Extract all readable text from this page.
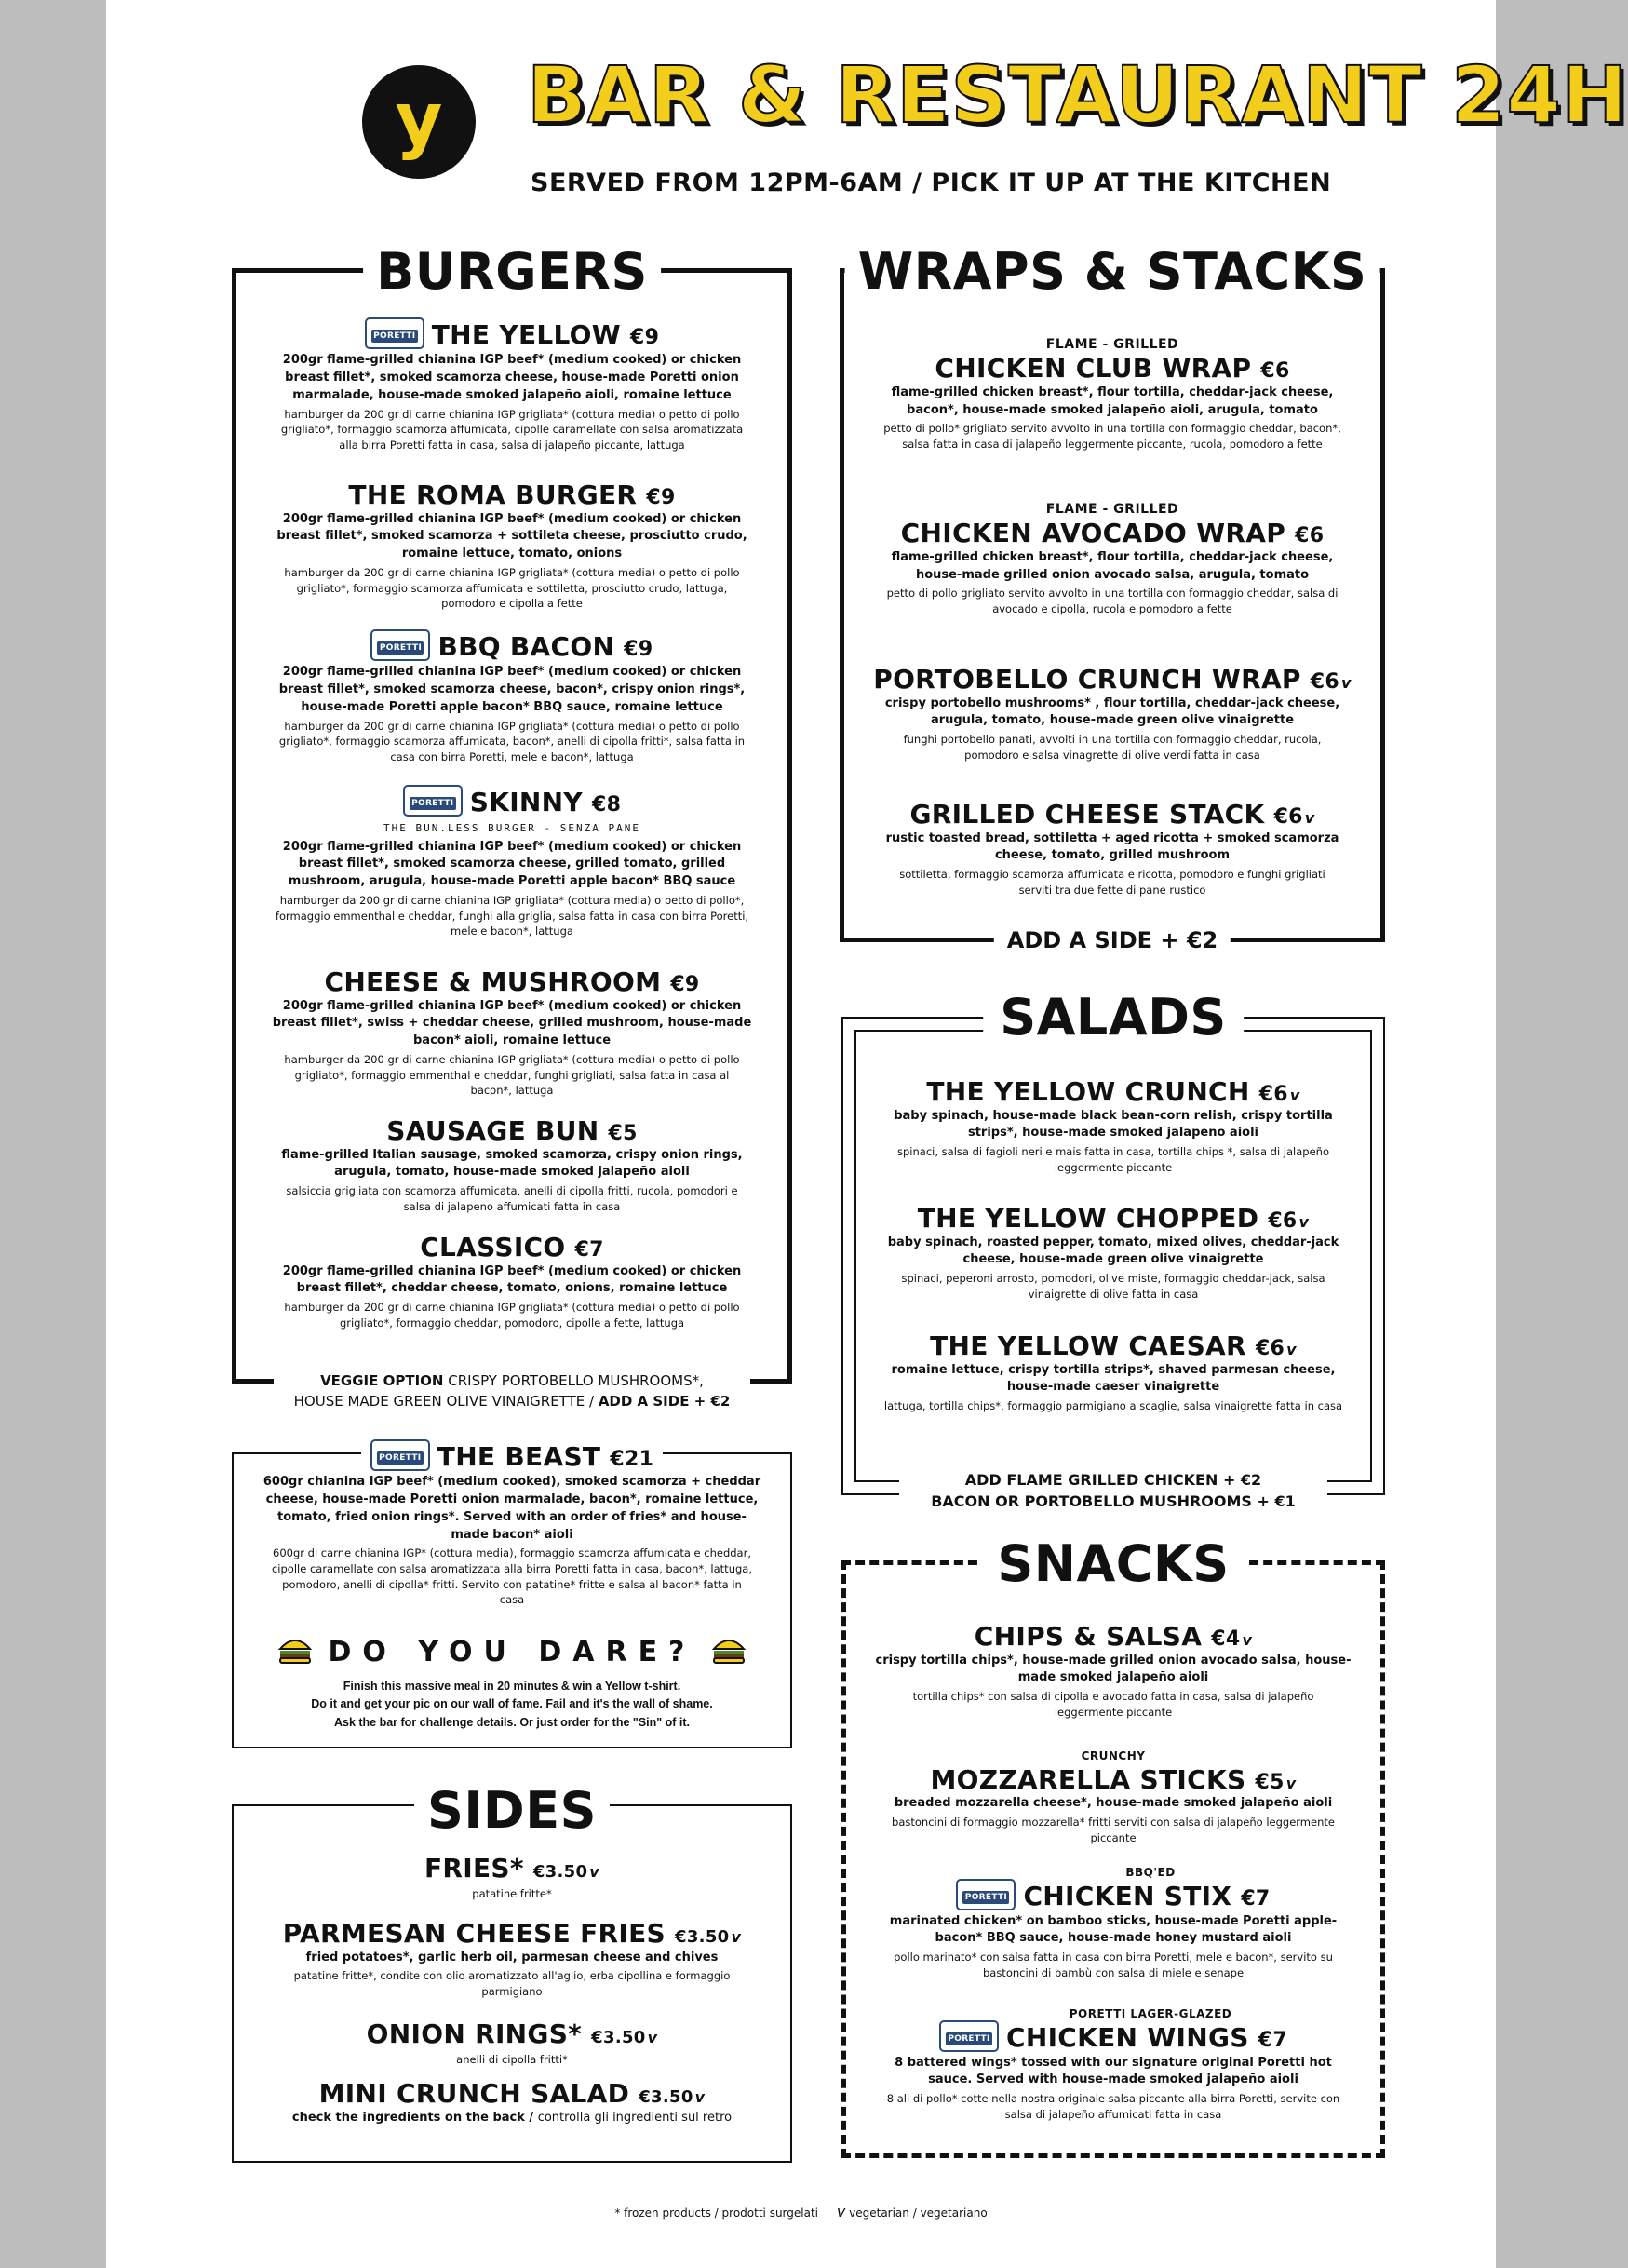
y	BAR & RESTAURANT 24H
SERVED FROM 12PM-6AM / PICK IT UP AT THE KITCHEN
BURGERS
PORETTI THE YELLOW €9
200gr flame-grilled chianina IGP beef* (medium cooked) or chicken breast fillet*, smoked scamorza cheese, house-made Poretti onion marmalade, house-made smoked jalapeño aioli, romaine lettuce
hamburger da 200 gr di carne chianina IGP grigliata* (cottura media) o petto di pollo grigliato*, formaggio scamorza affumicata, cipolle caramellate con salsa aromatizzata alla birra Poretti fatta in casa, salsa di jalapeño piccante, lattuga
THE ROMA BURGER €9
200gr flame-grilled chianina IGP beef* (medium cooked) or chicken breast fillet*, smoked scamorza + sottileta cheese, prosciutto crudo, romaine lettuce, tomato, onions
hamburger da 200 gr di carne chianina IGP grigliata* (cottura media) o petto di pollo grigliato*, formaggio scamorza affumicata e sottiletta, prosciutto crudo, lattuga, pomodoro e cipolla a fette
PORETTI BBQ BACON €9
200gr flame-grilled chianina IGP beef* (medium cooked) or chicken breast fillet*, smoked scamorza cheese, bacon*, crispy onion rings*, house-made Poretti apple bacon* BBQ sauce, romaine lettuce
hamburger da 200 gr di carne chianina IGP grigliata* (cottura media) o petto di pollo grigliato*, formaggio scamorza affumicata, bacon*, anelli di cipolla fritti*, salsa fatta in casa con birra Poretti, mele e bacon*, lattuga
PORETTI SKINNY €8
THE BUN.LESS BURGER - SENZA PANE
200gr flame-grilled chianina IGP beef* (medium cooked) or chicken breast fillet*, smoked scamorza cheese, grilled tomato, grilled mushroom, arugula, house-made Poretti apple bacon* BBQ sauce
hamburger da 200 gr di carne chianina IGP grigliata* (cottura media) o petto di pollo*, formaggio emmenthal e cheddar, funghi alla griglia, salsa fatta in casa con birra Poretti, mele e bacon*, lattuga
CHEESE & MUSHROOM €9
200gr flame-grilled chianina IGP beef* (medium cooked) or chicken breast fillet*, swiss + cheddar cheese, grilled mushroom, house-made bacon* aioli, romaine lettuce
hamburger da 200 gr di carne chianina IGP grigliata* (cottura media) o petto di pollo grigliato*, formaggio emmenthal e cheddar, funghi grigliati, salsa fatta in casa al bacon*, lattuga
SAUSAGE BUN €5
flame-grilled Italian sausage, smoked scamorza, crispy onion rings, arugula, tomato, house-made smoked jalapeño aioli
salsiccia grigliata con scamorza affumicata, anelli di cipolla fritti, rucola, pomodori e salsa di jalapeno affumicati fatta in casa
CLASSICO €7
200gr flame-grilled chianina IGP beef* (medium cooked) or chicken breast fillet*, cheddar cheese, tomato, onions, romaine lettuce
hamburger da 200 gr di carne chianina IGP grigliata* (cottura media) o petto di pollo grigliato*, formaggio cheddar, pomodoro, cipolle a fette, lattuga
VEGGIE OPTION CRISPY PORTOBELLO MUSHROOMS*,
HOUSE MADE GREEN OLIVE VINAIGRETTE / ADD A SIDE + €2
PORETTI THE BEAST €21
600gr chianina IGP beef* (medium cooked), smoked scamorza + cheddar cheese, house-made Poretti onion marmalade, bacon*, romaine lettuce, tomato, fried onion rings*. Served with an order of fries* and house-made bacon* aioli
600gr di carne chianina IGP* (cottura media), formaggio scamorza affumicata e cheddar, cipolle caramellate con salsa aromatizzata alla birra Poretti fatta in casa, bacon*, lattuga, pomodoro, anelli di cipolla* fritti. Servito con patatine* fritte e salsa al bacon* fatta in casa
DO YOU DARE?
Finish this massive meal in 20 minutes & win a Yellow t-shirt.
Do it and get your pic on our wall of fame. Fail and it's the wall of shame.
Ask the bar for challenge details. Or just order for the "Sin" of it.
SIDES
FRIES* €3.50 v
patatine fritte*
PARMESAN CHEESE FRIES €3.50 v
fried potatoes*, garlic herb oil, parmesan cheese and chives
patatine fritte*, condite con olio aromatizzato all'aglio, erba cipollina e formaggio parmigiano
ONION RINGS* €3.50 v
anelli di cipolla fritti*
MINI CRUNCH SALAD €3.50 v
check the ingredients on the back / controlla gli ingredienti sul retro
WRAPS & STACKS
FLAME - GRILLED
CHICKEN CLUB WRAP €6
flame-grilled chicken breast*, flour tortilla, cheddar-jack cheese, bacon*, house-made smoked jalapeño aioli, arugula, tomato
petto di pollo* grigliato servito avvolto in una tortilla con formaggio cheddar, bacon*, salsa fatta in casa di jalapeño leggermente piccante, rucola, pomodoro a fette
FLAME - GRILLED
CHICKEN AVOCADO WRAP €6
flame-grilled chicken breast*, flour tortilla, cheddar-jack cheese, house-made grilled onion avocado salsa, arugula, tomato
petto di pollo grigliato servito avvolto in una tortilla con formaggio cheddar, salsa di avocado e cipolla, rucola e pomodoro a fette
PORTOBELLO CRUNCH WRAP €6 v
crispy portobello mushrooms* , flour tortilla, cheddar-jack cheese, arugula, tomato, house-made green olive vinaigrette
funghi portobello panati, avvolti in una tortilla con formaggio cheddar, rucola, pomodoro e salsa vinagrette di olive verdi fatta in casa
GRILLED CHEESE STACK €6 v
rustic toasted bread, sottiletta + aged ricotta + smoked scamorza cheese, tomato, grilled mushroom
sottiletta, formaggio scamorza affumicata e ricotta, pomodoro e funghi grigliati serviti tra due fette di pane rustico
ADD A SIDE + €2
SALADS
THE YELLOW CRUNCH €6 v
baby spinach, house-made black bean-corn relish, crispy tortilla strips*, house-made smoked jalapeño aioli
spinaci, salsa di fagioli neri e mais fatta in casa, tortilla chips *, salsa di jalapeño leggermente piccante
THE YELLOW CHOPPED €6 v
baby spinach, roasted pepper, tomato, mixed olives, cheddar-jack cheese, house-made green olive vinaigrette
spinaci, peperoni arrosto, pomodori, olive miste, formaggio cheddar-jack, salsa vinaigrette di olive fatta in casa
THE YELLOW CAESAR €6 v
romaine lettuce, crispy tortilla strips*, shaved parmesan cheese, house-made caeser vinaigrette
lattuga, tortilla chips*, formaggio parmigiano a scaglie, salsa vinaigrette fatta in casa
ADD FLAME GRILLED CHICKEN + €2
BACON OR PORTOBELLO MUSHROOMS + €1
SNACKS
CHIPS & SALSA €4 v
crispy tortilla chips*, house-made grilled onion avocado salsa, house-made smoked jalapeño aioli
tortilla chips* con salsa di cipolla e avocado fatta in casa, salsa di jalapeño leggermente piccante
CRUNCHY
MOZZARELLA STICKS €5 v
breaded mozzarella cheese*, house-made smoked jalapeño aioli
bastoncini di formaggio mozzarella* fritti serviti con salsa di jalapeño leggermente piccante
BBQ'ED
PORETTI CHICKEN STIX €7
marinated chicken* on bamboo sticks, house-made Poretti apple-bacon* BBQ sauce, house-made honey mustard aioli
pollo marinato* con salsa fatta in casa con birra Poretti, mele e bacon*, servito su bastoncini di bambù con salsa di miele e senape
PORETTI LAGER-GLAZED
PORETTI CHICKEN WINGS €7
8 battered wings* tossed with our signature original Poretti hot sauce. Served with house-made smoked jalapeño aioli
8 ali di pollo* cotte nella nostra originale salsa piccante alla birra Poretti, servite con salsa di jalapeño affumicati fatta in casa
* frozen products / prodotti surgelati v vegetarian / vegetariano
